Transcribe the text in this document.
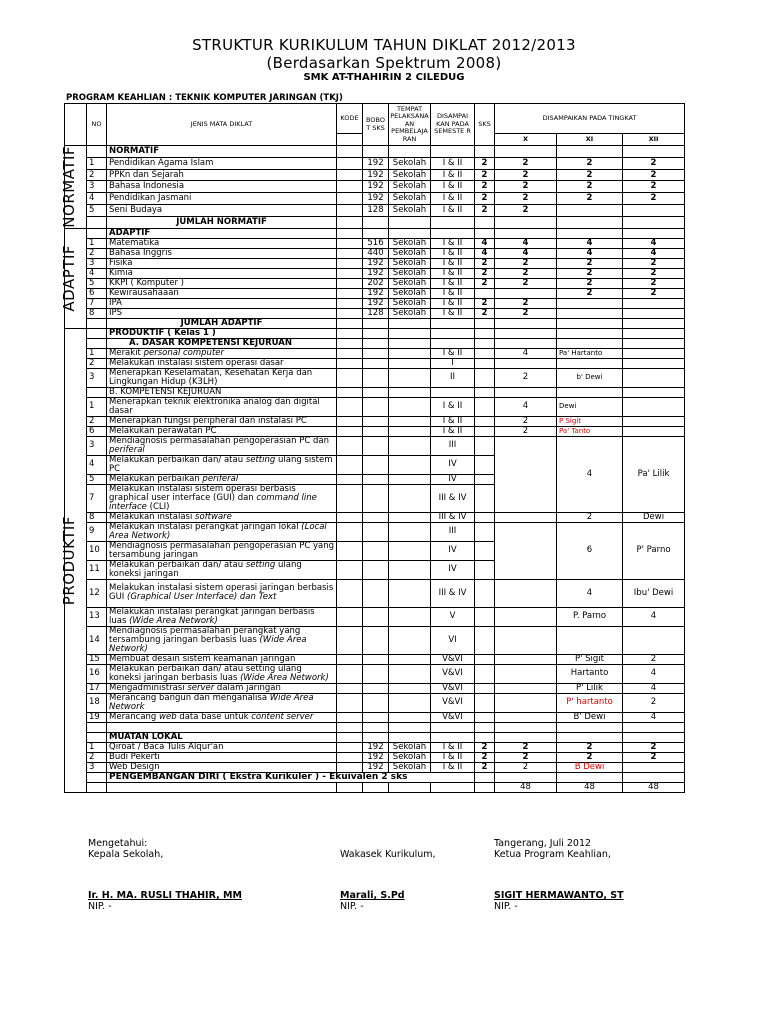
STRUKTUR KURIKULUM TAHUN DIKLAT 2012/2013
(Berdasarkan Spektrum 2008)
SMK AT-THAHIRIN 2 CILEDUG
PROGRAM KEAHLIAN : TEKNIK KOMPUTER JARINGAN (TKJ)
	NO	JENIS MATA DIKLAT	KODE	BOBO T SKS	TEMPAT PELAKSANA AN PEMBELAJA RAN	DISAMPAI KAN PADA SEMESTE R	SKS	DISAMPAIKAN PADA TINGKAT		
								X	XI	XII

NORMATIF		NORMATIF								
	1	Pendidikan Agama Islam		192	Sekolah	I & II	2	2	2	2
	2	PPKn dan Sejarah		192	Sekolah	I & II	2	2	2	2
	3	Bahasa Indonesia		192	Sekolah	I & II	2	2	2	2
	4	Pendidikan Jasmani		192	Sekolah	I & II	2	2	2	2
	5	Seni Budaya		128	Sekolah	I & II	2	2		
		JUMLAH NORMATIF								

ADAPTIF		ADAPTIF								
	1	Matematika		516	Sekolah	I & II	4	4	4	4
	2	Bahasa Inggris		440	Sekolah	I & II	4	4	4	4
	3	Fisika		192	Sekolah	I & II	2	2	2	2
	4	Kimia		192	Sekolah	I & II	2	2	2	2
	5	KKPI ( Komputer )		202	Sekolah	I & II	2	2	2	2
	6	Kewirausahaaan		192	Sekolah	I & II			2	2
	7	IPA		192	Sekolah	I & II	2	2		
	8	IPS		128	Sekolah	I & II	2	2		
		JUMLAH ADAPTIF								

PRODUKTIF		PRODUKTIF ( Kelas 1 )								
		A. DASAR KOMPETENSI KEJURUAN								
	1	Merakit personal computer				I & II		4	Pa' Hartanto	
	2	Melakukan instalasi sistem operasi dasar				I				
	3	Menerapkan Keselamatan, Kesehatan Kerja dan Lingkungan Hidup (K3LH)				II		2	b' Dewi	
		B. KOMPETENSI KEJURUAN								
	1	Menerapkan teknik elektronika analog dan digital dasar				I & II		4	Dewi	
	2	Menerapkan fungsi peripheral dan instalasi PC				I & II		2	P Sigit	
	6	Melakukan perawatan PC				I & II		2	Pa' Tanto	
	3	Mendiagnosis permasalahan pengoperasian PC dan periferal				III			4	Pa' Lilik
	4	Melakukan perbaikan dan/ atau setting ulang sistem PC				IV				
	5	Melakukan perbaikan periferal				IV				
	7	Melakukan instalasi sistem operasi berbasis graphical user interface (GUI) dan command line interface (CLI)				III & IV				
	8	Melakukan instalasi software				III & IV			2	Dewi
	9	Melakukan instalasi perangkat jaringan lokal (Local Area Network)				III			6	P' Parno
	10	Mendiagnosis permasalahan pengoperasian PC yang tersambung jaringan				IV				
	11	Melakukan perbaikan dan/ atau setting ulang koneksi jaringan				IV				
	12	Melakukan instalasi sistem operasi jaringan berbasis GUI (Graphical User Interface) dan Text				III & IV			4	Ibu' Dewi
	13	Melakukan instalasi perangkat jaringan berbasis luas (Wide Area Network)				V			P. Parno	4
	14	Mendiagnosis permasalahan perangkat yang tersambung jaringan berbasis luas (Wide Area Network)				VI				
	15	Membuat desain sistem keamanan jaringan				V&VI			P' Sigit	2
	16	Melakukan perbaikan dan/ atau setting ulang koneksi jaringan berbasis luas (Wide Area Network)				V&VI			Hartanto	4
	17	Mengadministrasi server dalam jaringan				V&VI			P' Lilik	4
	18	Merancang bangun dan menganalisa Wide Area Network				V&VI			P' hartanto	2
	19	Merancang web data base untuk content server				V&VI			B' Dewi	4

		MUATAN LOKAL								
	1	Qiroat / Baca Tulis Alqur'an		192	Sekolah	I & II	2	2	2	2
	2	Budi Pekerti		192	Sekolah	I & II	2	2	2	2
	3	Web Design		192	Sekolah	I & II	2	2	B Dewi	
		PENGEMBANGAN DIRI ( Ekstra Kurikuler ) - Ekuivalen 2 sks								
								48	48	48
Mengetahui:
Kepala Sekolah,
Ir. H. MA. RUSLI THAHIR, MM
NIP. -

Wakasek Kurikulum,
Marali, S.Pd
NIP. -
Tangerang, Juli 2012
Ketua Program Keahlian,
SIGIT HERMAWANTO, ST
NIP. -
